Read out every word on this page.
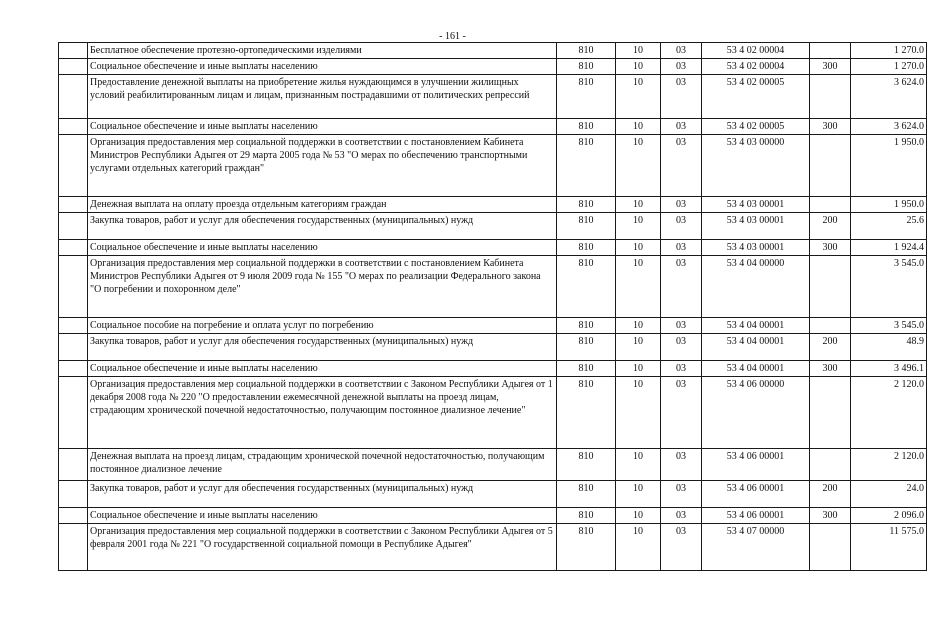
- 161 -

	Бесплатное обеспечение протезно-ортопедическими изделиями	810	10	03	53 4 02 00004		1 270.0

	Социальное обеспечение и иные выплаты населению	810	10	03	53 4 02 00004	300	1 270.0

	Предоставление денежной выплаты на приобретение жилья нуждающимся в улучшении жилищных условий реабилитированным лицам и лицам, признанным пострадавшими от политических репрессий	810	10	03	53 4 02 00005		3 624.0

	Социальное обеспечение и иные выплаты населению	810	10	03	53 4 02 00005	300	3 624.0

	Организация предоставления мер социальной поддержки в соответствии с постановлением Кабинета Министров Республики Адыгея от 29 марта 2005 года № 53 "О мерах по обеспечению транспортными услугами отдельных категорий граждан"	810	10	03	53 4 03 00000		1 950.0

	Денежная выплата на оплату проезда отдельным категориям граждан	810	10	03	53 4 03 00001		1 950.0

	Закупка товаров, работ и услуг для обеспечения государственных (муниципальных) нужд	810	10	03	53 4 03 00001	200	25.6

	Социальное обеспечение и иные выплаты населению	810	10	03	53 4 03 00001	300	1 924.4

	Организация предоставления мер социальной поддержки в соответствии с постановлением Кабинета Министров Республики Адыгея от 9 июля 2009 года № 155 "О мерах по реализации Федерального закона "О погребении и похоронном деле"	810	10	03	53 4 04 00000		3 545.0

	Социальное пособие на погребение и оплата услуг по погребению	810	10	03	53 4 04 00001		3 545.0

	Закупка товаров, работ и услуг для обеспечения государственных (муниципальных) нужд	810	10	03	53 4 04 00001	200	48.9

	Социальное обеспечение и иные выплаты населению	810	10	03	53 4 04 00001	300	3 496.1

	Организация предоставления мер социальной поддержки в соответствии с Законом Республики Адыгея от 1 декабря 2008 года № 220 "О предоставлении ежемесячной денежной выплаты на проезд лицам, страдающим хронической почечной недостаточностью, получающим постоянное диализное лечение"	810	10	03	53 4 06 00000		2 120.0

	Денежная выплата на проезд лицам, страдающим хронической почечной недостаточностью, получающим постоянное диализное лечение	810	10	03	53 4 06 00001		2 120.0

	Закупка товаров, работ и услуг для обеспечения государственных (муниципальных) нужд	810	10	03	53 4 06 00001	200	24.0

	Социальное обеспечение и иные выплаты населению	810	10	03	53 4 06 00001	300	2 096.0

	Организация предоставления мер социальной поддержки в соответствии с Законом Республики Адыгея от 5 февраля 2001 года № 221 "О государственной социальной помощи в Республике Адыгея"	810	10	03	53 4 07 00000		11 575.0
